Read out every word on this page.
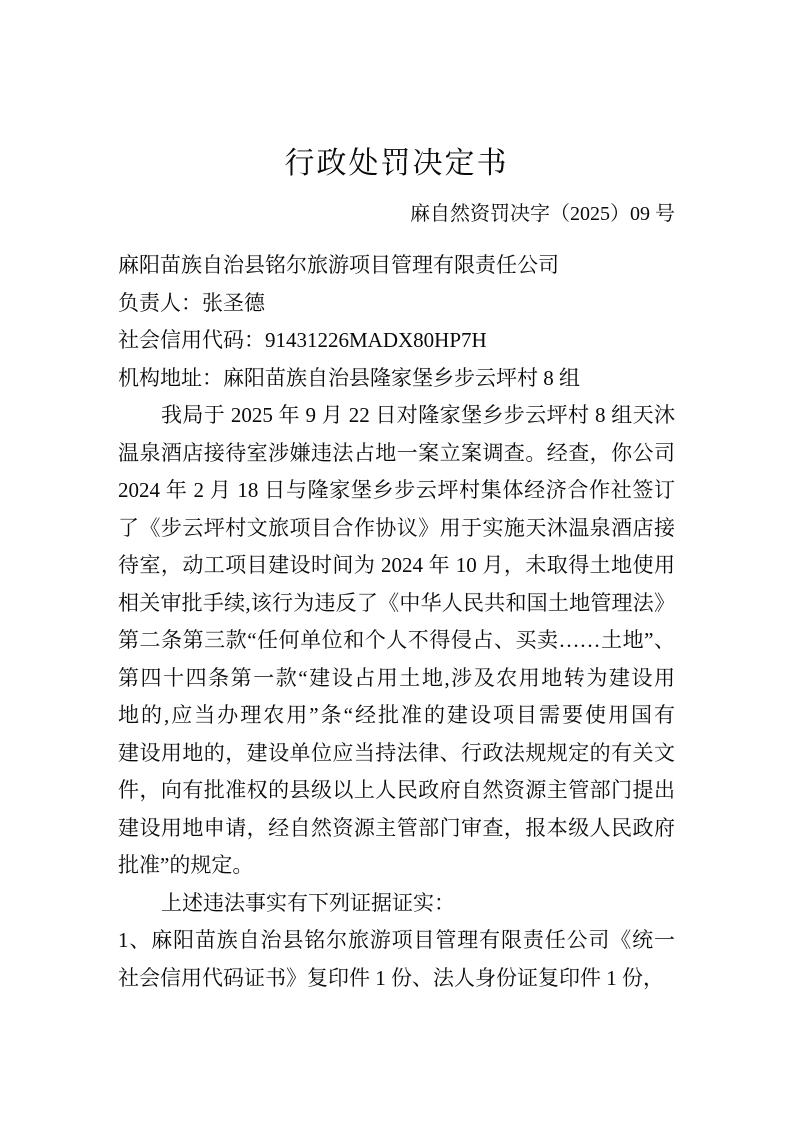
行政处罚决定书
麻自然资罚决字（2025）09 号
麻阳苗族自治县铭尔旅游项目管理有限责任公司
负责人：张圣德
社会信用代码：91431226MADX80HP7H
机构地址：麻阳苗族自治县隆家堡乡步云坪村 8 组
我局于 2025 年 9 月 22 日对隆家堡乡步云坪村 8 组天沐
温泉酒店接待室涉嫌违法占地一案立案调查。经查，你公司
2024 年 2 月 18 日与隆家堡乡步云坪村集体经济合作社签订
了《步云坪村文旅项目合作协议》用于实施天沐温泉酒店接
待室，动工项目建设时间为 2024 年 10 月，未取得土地使用
相关审批手续,该行为违反了《中华人民共和国土地管理法》
第二条第三款“任何单位和个人不得侵占、买卖……土地”、
第四十四条第一款“建设占用土地,涉及农用地转为建设用
地的,应当办理农用”条“经批准的建设项目需要使用国有
建设用地的，建设单位应当持法律、行政法规规定的有关文
件，向有批准权的县级以上人民政府自然资源主管部门提出
建设用地申请，经自然资源主管部门审查，报本级人民政府
批准”的规定。
上述违法事实有下列证据证实：
1、麻阳苗族自治县铭尔旅游项目管理有限责任公司《统一
社会信用代码证书》复印件 1 份、法人身份证复印件 1 份，
